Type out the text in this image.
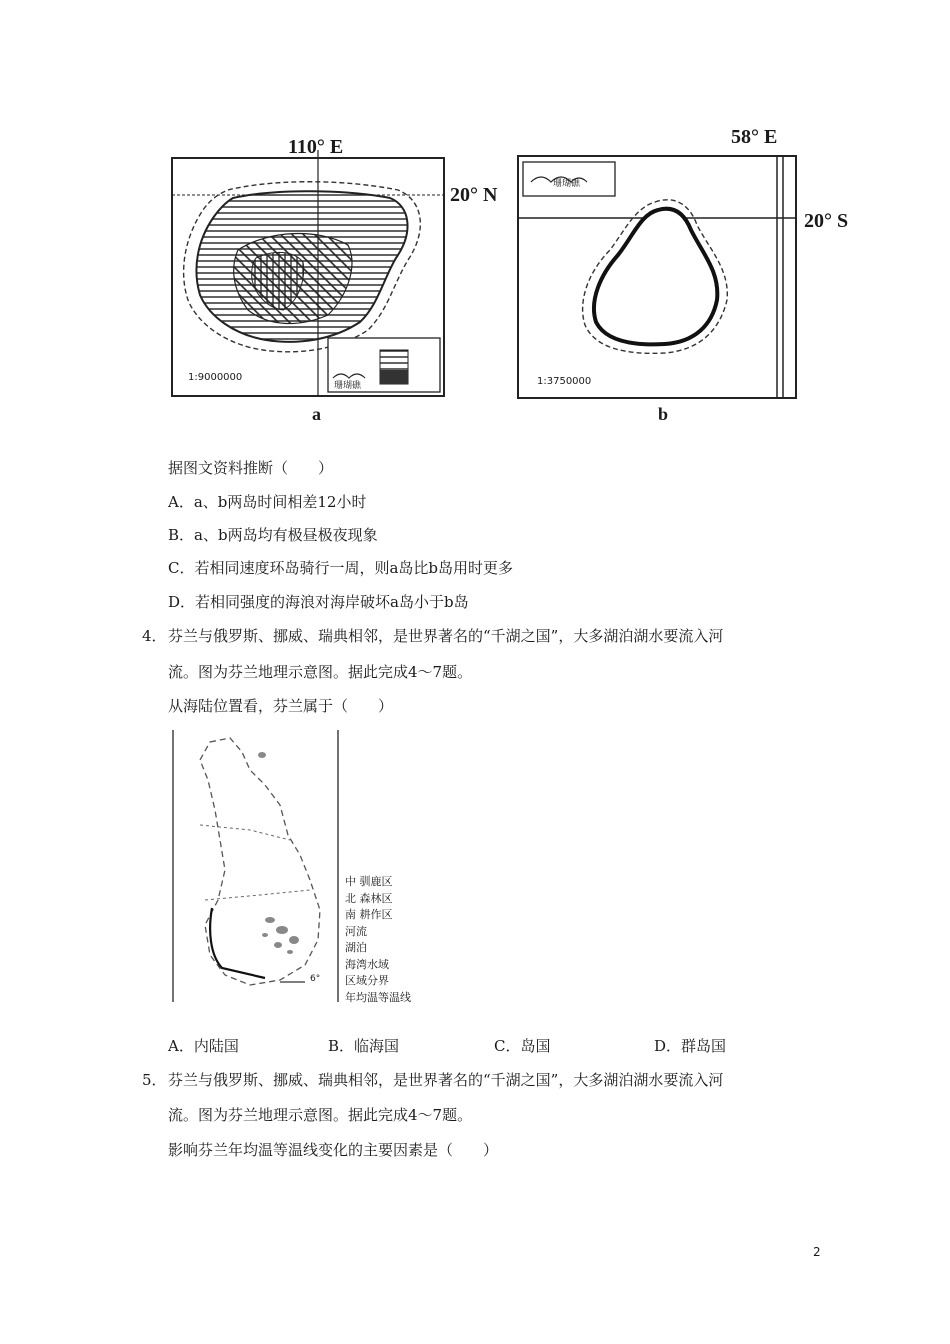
110° E
1:9000000
珊瑚礁
20° N
a
58° E
珊瑚礁
1:3750000
20° S
b
据图文资料推断（　　）
A．a、b两岛时间相差12小时
B．a、b两岛均有极昼极夜现象
C．若相同速度环岛骑行一周，则a岛比b岛用时更多
D．若相同强度的海浪对海岸破坏a岛小于b岛
4． 芬兰与俄罗斯、挪威、瑞典相邻，是世界著名的“千湖之国”，大多湖泊湖水要流入河
流。图为芬兰地理示意图。据此完成4～7题。
从海陆位置看，芬兰属于（　　）
6°
中 驯鹿区
北 森林区
南 耕作区
河流
湖泊
海湾水域
区域分界
年均温等温线
A．内陆国	B．临海国	C．岛国	D．群岛国
5． 芬兰与俄罗斯、挪威、瑞典相邻，是世界著名的“千湖之国”，大多湖泊湖水要流入河
流。图为芬兰地理示意图。据此完成4～7题。
影响芬兰年均温等温线变化的主要因素是（　　）
2
